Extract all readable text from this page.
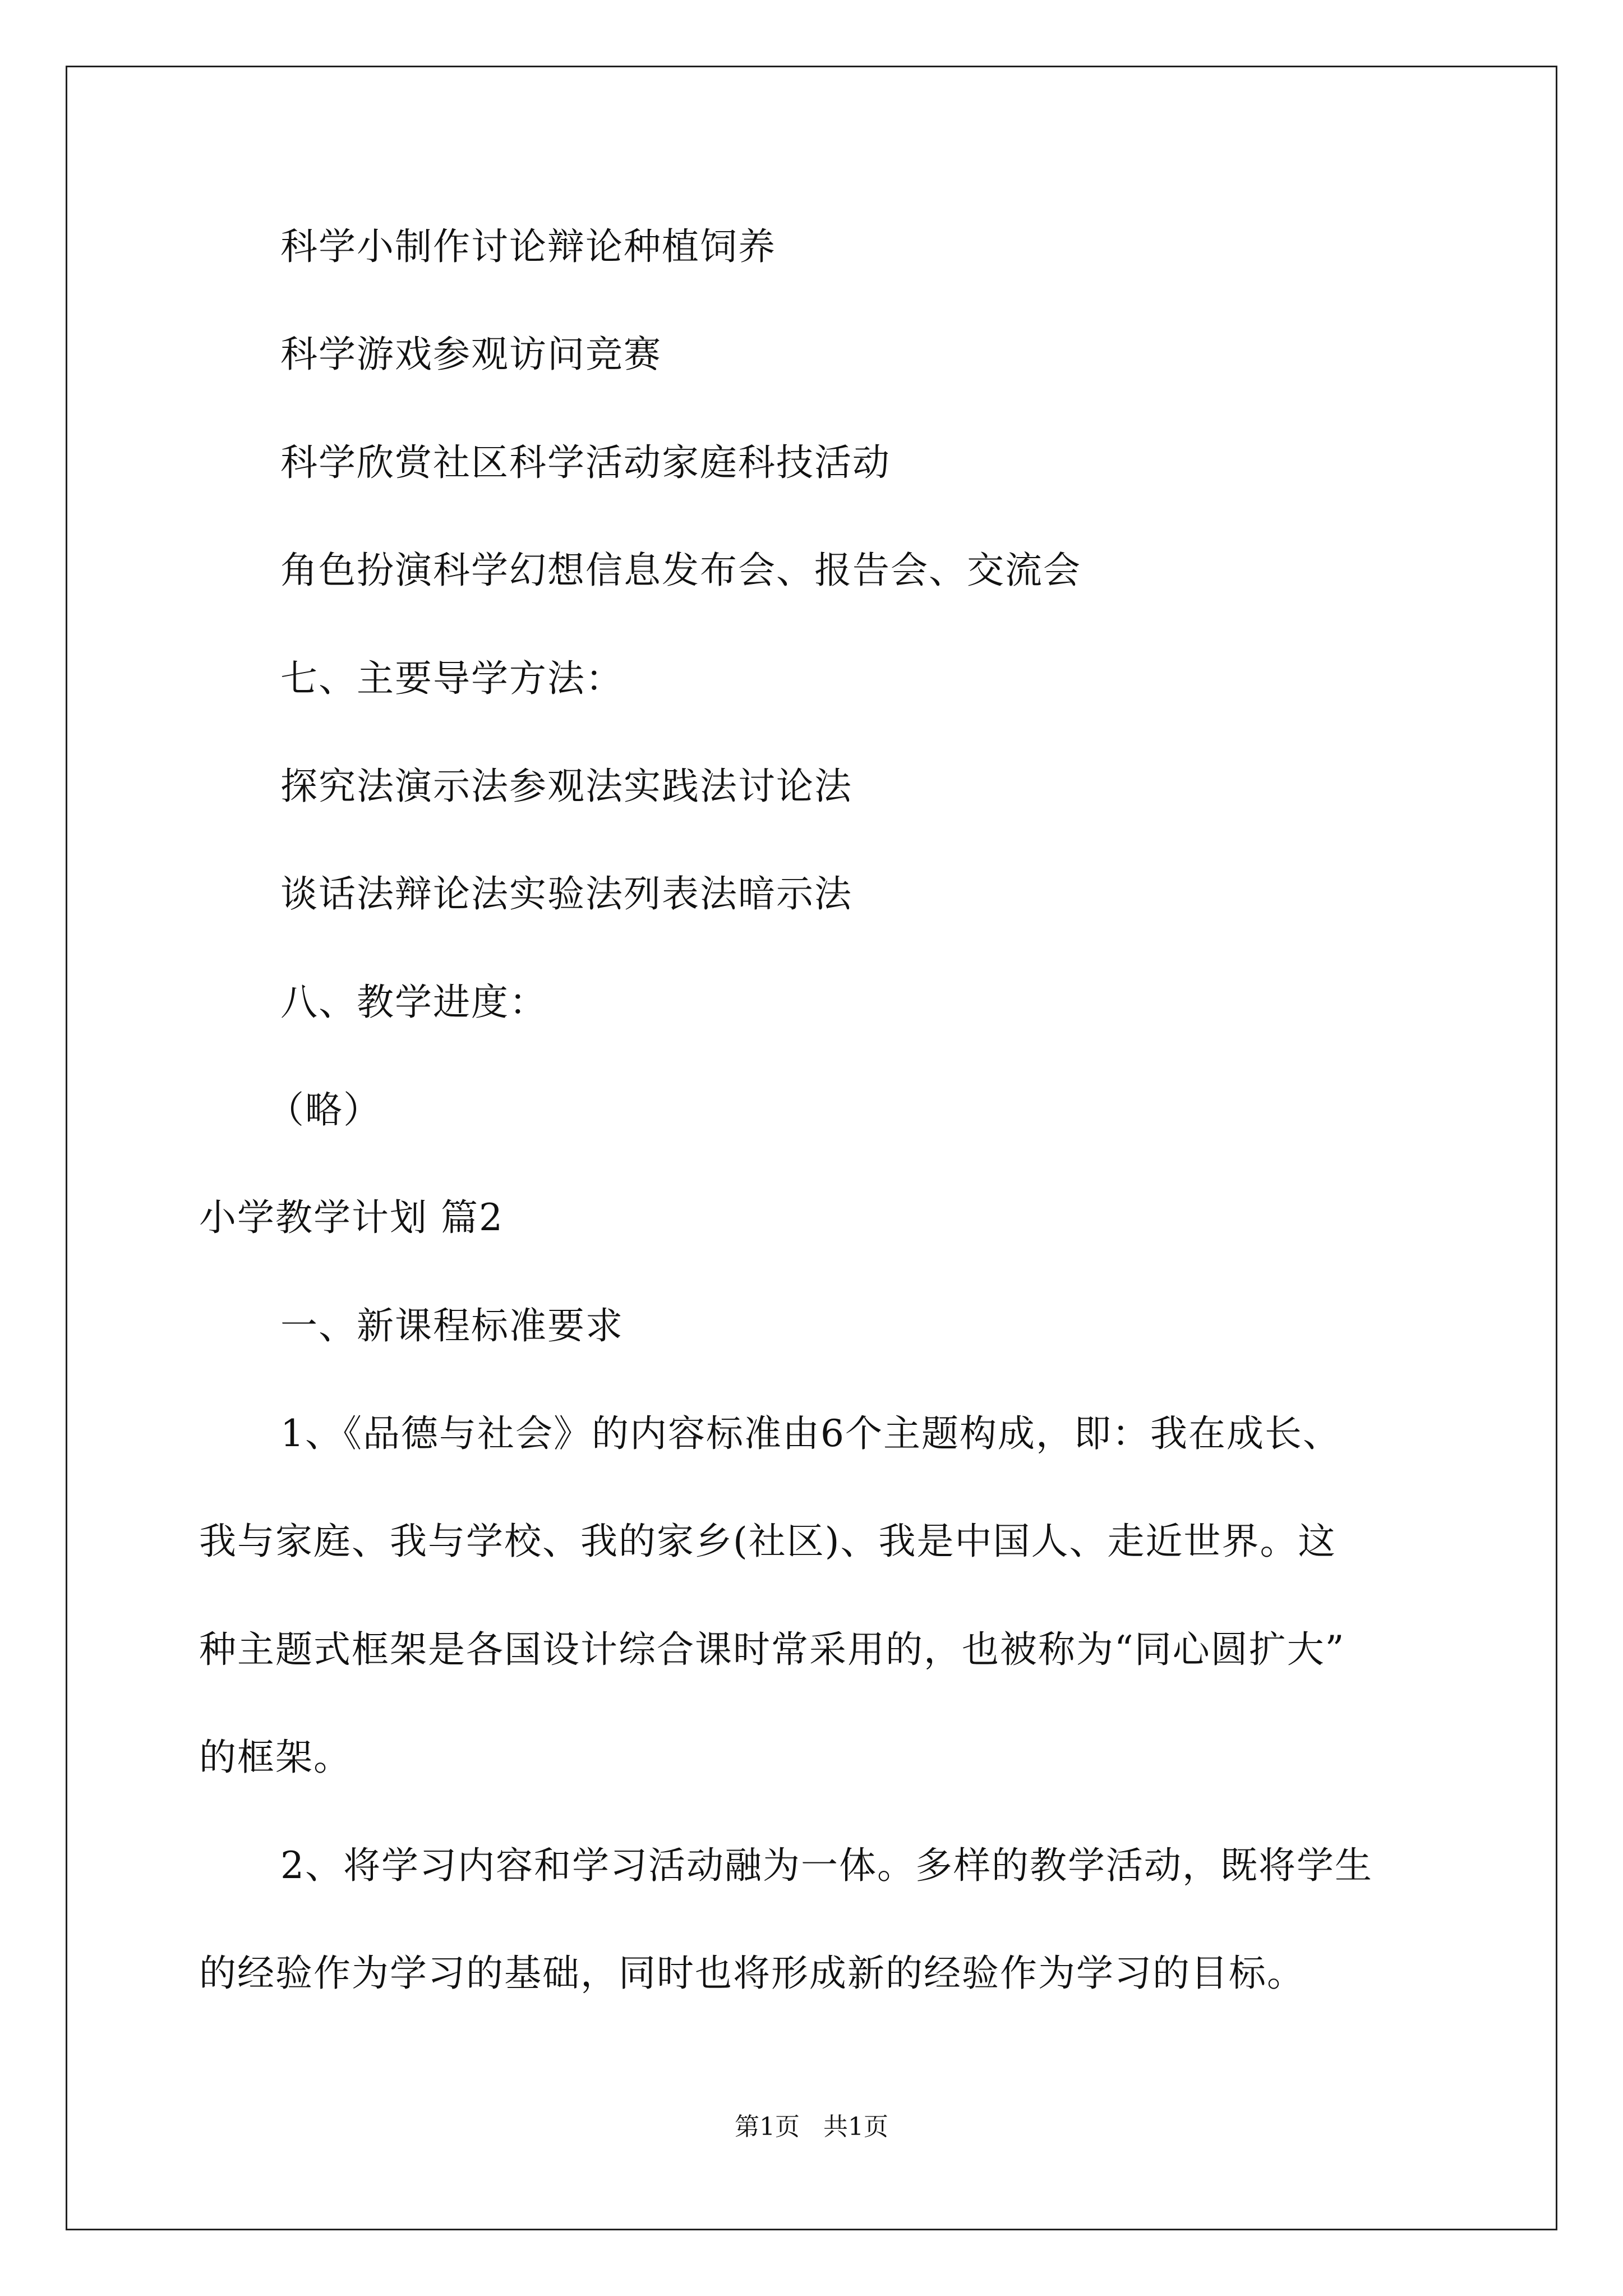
科学小制作讨论辩论种植饲养
科学游戏参观访问竞赛
科学欣赏社区科学活动家庭科技活动
角色扮演科学幻想信息发布会、报告会、交流会
七、主要导学方法：
探究法演示法参观法实践法讨论法
谈话法辩论法实验法列表法暗示法
八、教学进度：
（略）
小学教学计划 篇2
一、新课程标准要求
1、《品德与社会》的内容标准由6个主题构成，即：我在成长、
我与家庭、我与学校、我的家乡(社区)、我是中国人、走近世界。这
种主题式框架是各国设计综合课时常采用的，也被称为“同心圆扩大”
的框架。
2、将学习内容和学习活动融为一体。多样的教学活动，既将学生
的经验作为学习的基础，同时也将形成新的经验作为学习的目标。
第1页   共1页
